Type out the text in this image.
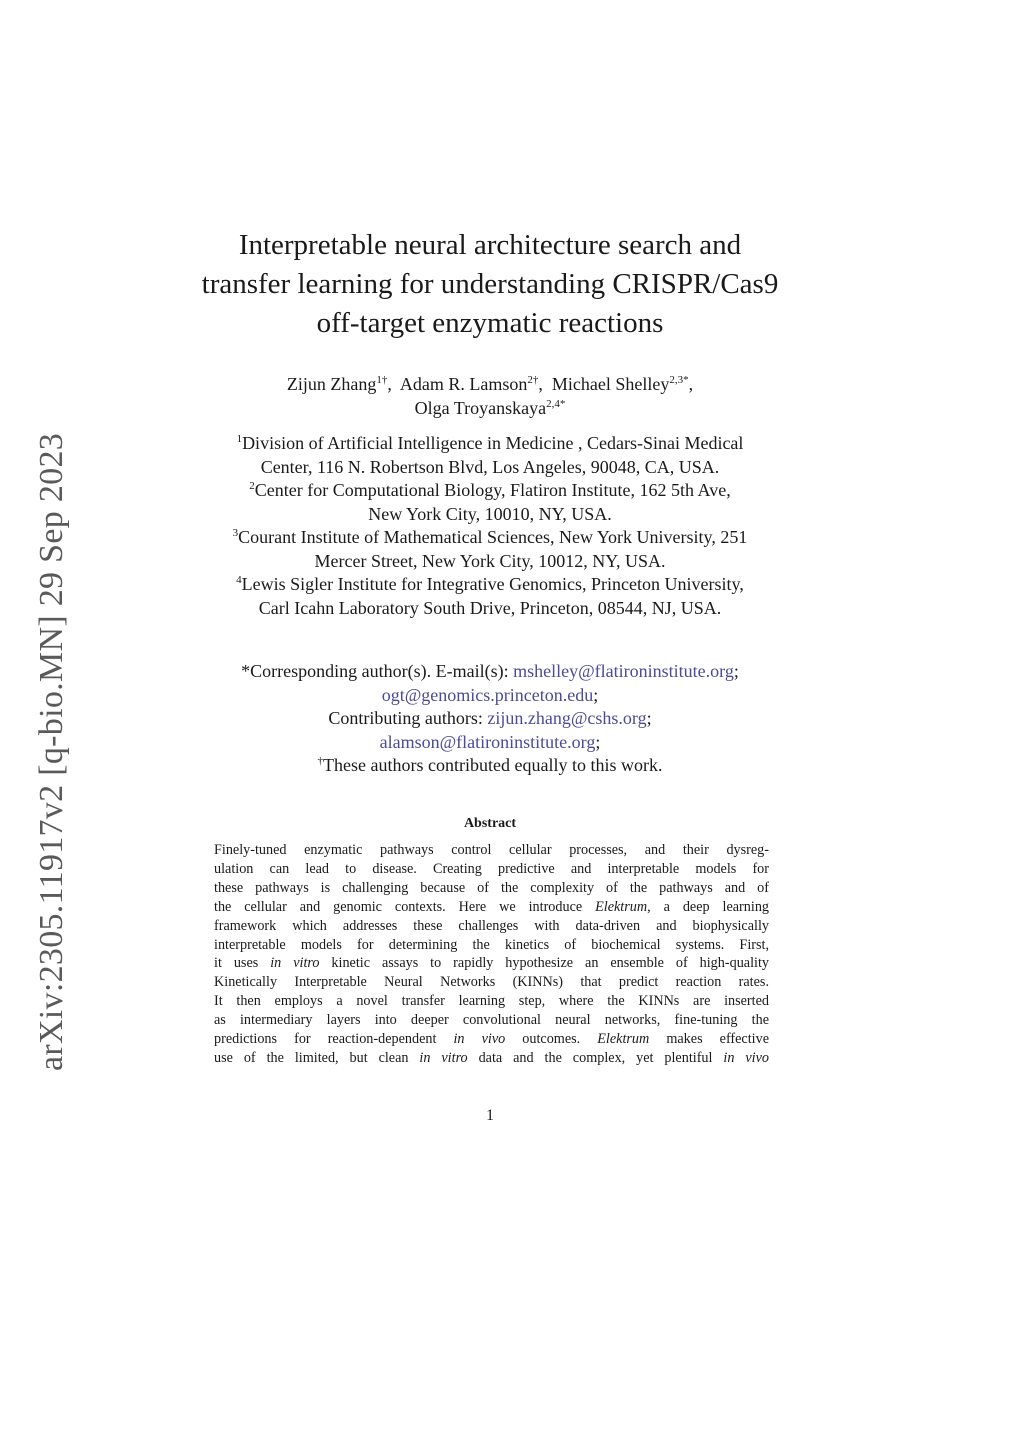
arXiv:2305.11917v2 [q-bio.MN] 29 Sep 2023
Interpretable neural architecture search and
transfer learning for understanding CRISPR/Cas9
off-target enzymatic reactions
Zijun Zhang$^{1\dagger}$,  Adam R. Lamson$^{2\dagger}$,  Michael Shelley$^{2,3*}$,
Olga Troyanskaya$^{2,4*}$
$^1$Division of Artificial Intelligence in Medicine , Cedars-Sinai Medical
Center, 116 N. Robertson Blvd, Los Angeles, 90048, CA, USA.
$^2$Center for Computational Biology, Flatiron Institute, 162 5th Ave,
New York City, 10010, NY, USA.
$^3$Courant Institute of Mathematical Sciences, New York University, 251
Mercer Street, New York City, 10012, NY, USA.
$^4$Lewis Sigler Institute for Integrative Genomics, Princeton University,
Carl Icahn Laboratory South Drive, Princeton, 08544, NJ, USA.
*Corresponding author(s). E-mail(s): mshelley@flatironinstitute.org;
ogt@genomics.princeton.edu;
Contributing authors: zijun.zhang@cshs.org;
alamson@flatironinstitute.org;
†These authors contributed equally to this work.
Abstract
Finely-tuned enzymatic pathways control cellular processes, and their dysreg-
ulation can lead to disease. Creating predictive and interpretable models for
these pathways is challenging because of the complexity of the pathways and of
the cellular and genomic contexts. Here we introduce Elektrum, a deep learning
framework which addresses these challenges with data-driven and biophysically
interpretable models for determining the kinetics of biochemical systems. First,
it uses in vitro kinetic assays to rapidly hypothesize an ensemble of high-quality
Kinetically Interpretable Neural Networks (KINNs) that predict reaction rates.
It then employs a novel transfer learning step, where the KINNs are inserted
as intermediary layers into deeper convolutional neural networks, fine-tuning the
predictions for reaction-dependent in vivo outcomes. Elektrum makes effective
use of the limited, but clean in vitro data and the complex, yet plentiful in vivo
1
